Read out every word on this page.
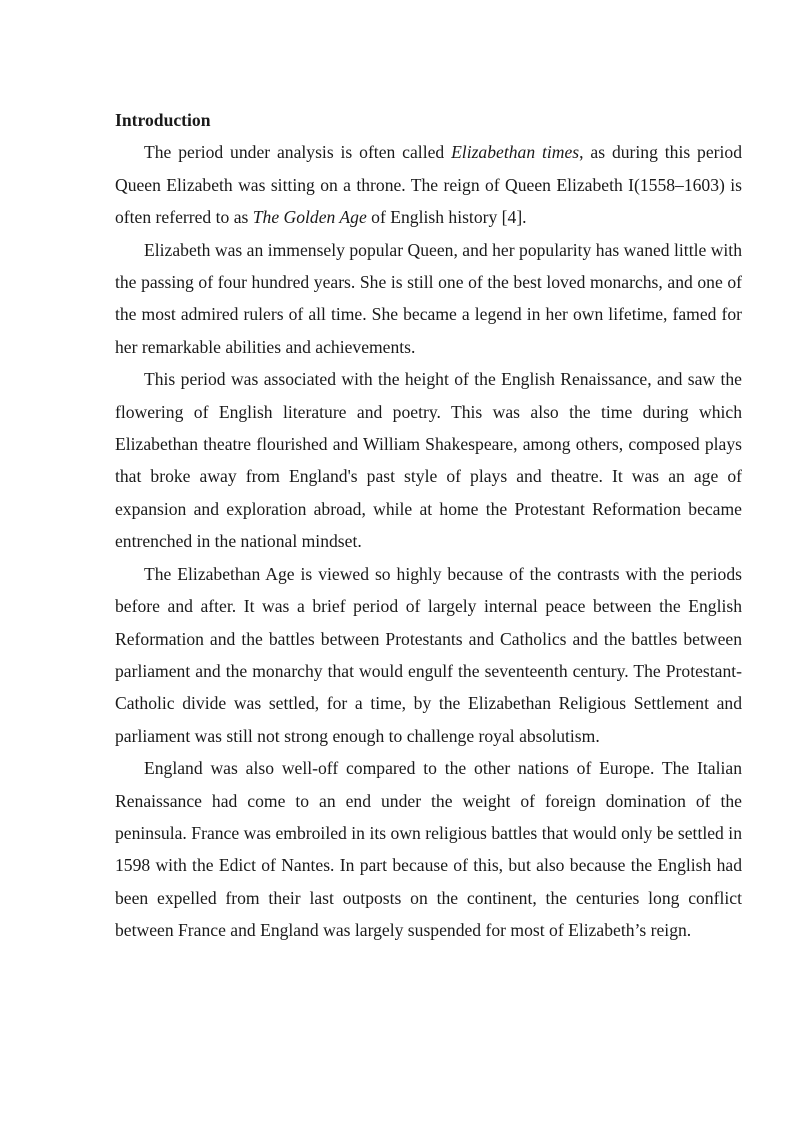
Introduction

The period under analysis is often called Elizabethan times, as during this period Queen Elizabeth was sitting on a throne. The reign of Queen Elizabeth I(1558–1603) is often referred to as The Golden Age of English history [4].

Elizabeth was an immensely popular Queen, and her popularity has waned little with the passing of four hundred years. She is still one of the best loved monarchs, and one of the most admired rulers of all time. She became a legend in her own lifetime, famed for her remarkable abilities and achievements.

This period was associated with the height of the English Renaissance, and saw the flowering of English literature and poetry. This was also the time during which Elizabethan theatre flourished and William Shakespeare, among others, composed plays that broke away from England's past style of plays and theatre. It was an age of expansion and exploration abroad, while at home the Protestant Reformation became entrenched in the national mindset.

The Elizabethan Age is viewed so highly because of the contrasts with the periods before and after. It was a brief period of largely internal peace between the English Reformation and the battles between Protestants and Catholics and the battles between parliament and the monarchy that would engulf the seventeenth century. The Protestant-Catholic divide was settled, for a time, by the Elizabethan Religious Settlement and parliament was still not strong enough to challenge royal absolutism.

England was also well-off compared to the other nations of Europe. The Italian Renaissance had come to an end under the weight of foreign domination of the peninsula. France was embroiled in its own religious battles that would only be settled in 1598 with the Edict of Nantes. In part because of this, but also because the English had been expelled from their last outposts on the continent, the centuries long conflict between France and England was largely suspended for most of Elizabeth’s reign.
